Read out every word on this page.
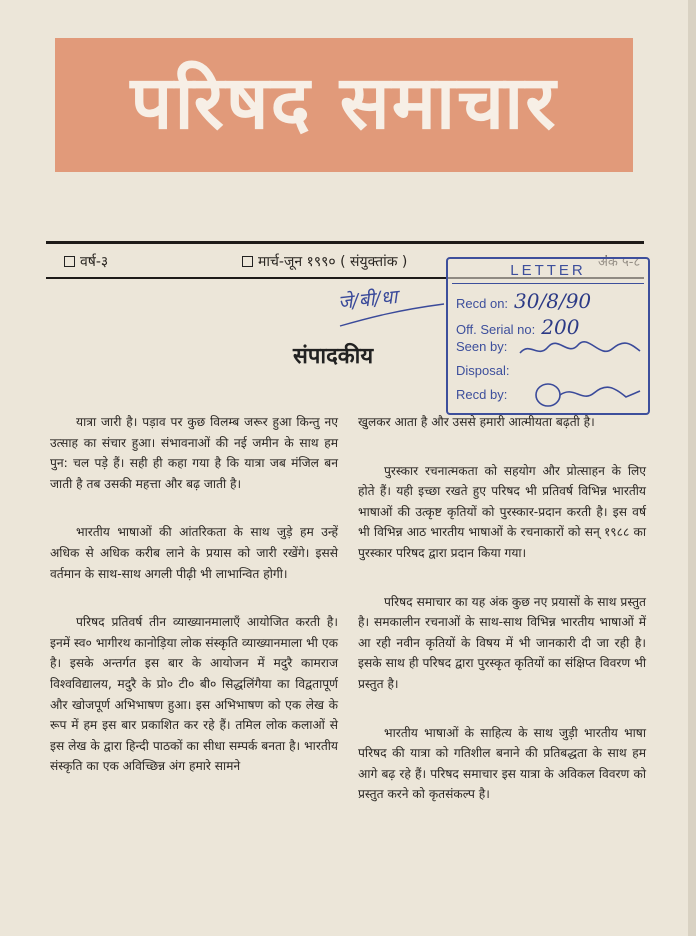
परिषद समाचार
वर्ष-३	मार्च-जून १९९० ( संयुक्तांक )	LETTER
Recd on: 30/8/90
Off. Serial no: 200
Seen by:
Disposal:
Recd by:
जे/बी/धा
संपादकीय

यात्रा जारी है। पड़ाव पर कुछ विलम्ब जरूर हुआ किन्तु नए उत्साह का संचार हुआ। संभावनाओं की नई जमीन के साथ हम पुन: चल पड़े हैं। सही ही कहा गया है कि यात्रा जब मंजिल बन जाती है तब उसकी महत्ता और बढ़ जाती है।

भारतीय भाषाओं की आंतरिकता के साथ जुड़े हम उन्हें अधिक से अधिक करीब लाने के प्रयास को जारी रखेंगे। इससे वर्तमान के साथ-साथ अगली पीढ़ी भी लाभान्वित होगी।

परिषद प्रतिवर्ष तीन व्याख्यानमालाएँ आयोजित करती है। इनमें स्व० भागीरथ कानोड़िया लोक संस्कृति व्याख्यानमाला भी एक है। इसके अन्तर्गत इस बार के आयोजन में मदुरै कामराज विश्वविद्यालय, मदुरै के प्रो० टी० बी० सिद्धलिंगैया का विद्वतापूर्ण और खोजपूर्ण अभिभाषण हुआ। इस अभिभाषण को एक लेख के रूप में हम इस बार प्रकाशित कर रहे हैं। तमिल लोक कलाओं से इस लेख के द्वारा हिन्दी पाठकों का सीधा सम्पर्क बनता है। भारतीय संस्कृति का एक अविच्छिन्न अंग हमारे सामने

खुलकर आता है और उससे हमारी आत्मीयता बढ़ती है।

पुरस्कार रचनात्मकता को सहयोग और प्रोत्साहन के लिए होते हैं। यही इच्छा रखते हुए परिषद भी प्रतिवर्ष विभिन्न भारतीय भाषाओं की उत्कृष्ट कृतियों को पुरस्कार-प्रदान करती है। इस वर्ष भी विभिन्न आठ भारतीय भाषाओं के रचनाकारों को सन् १९८८ का पुरस्कार परिषद द्वारा प्रदान किया गया।

परिषद समाचार का यह अंक कुछ नए प्रयासों के साथ प्रस्तुत है। समकालीन रचनाओं के साथ-साथ विभिन्न भारतीय भाषाओं में आ रही नवीन कृतियों के विषय में भी जानकारी दी जा रही है। इसके साथ ही परिषद द्वारा पुरस्कृत कृतियों का संक्षिप्त विवरण भी प्रस्तुत है।

भारतीय भाषाओं के साहित्य के साथ जुड़ी भारतीय भाषा परिषद की यात्रा को गतिशील बनाने की प्रतिबद्धता के साथ हम आगे बढ़ रहे हैं। परिषद समाचार इस यात्रा के अविकल विवरण को प्रस्तुत करने को कृतसंकल्प है।
